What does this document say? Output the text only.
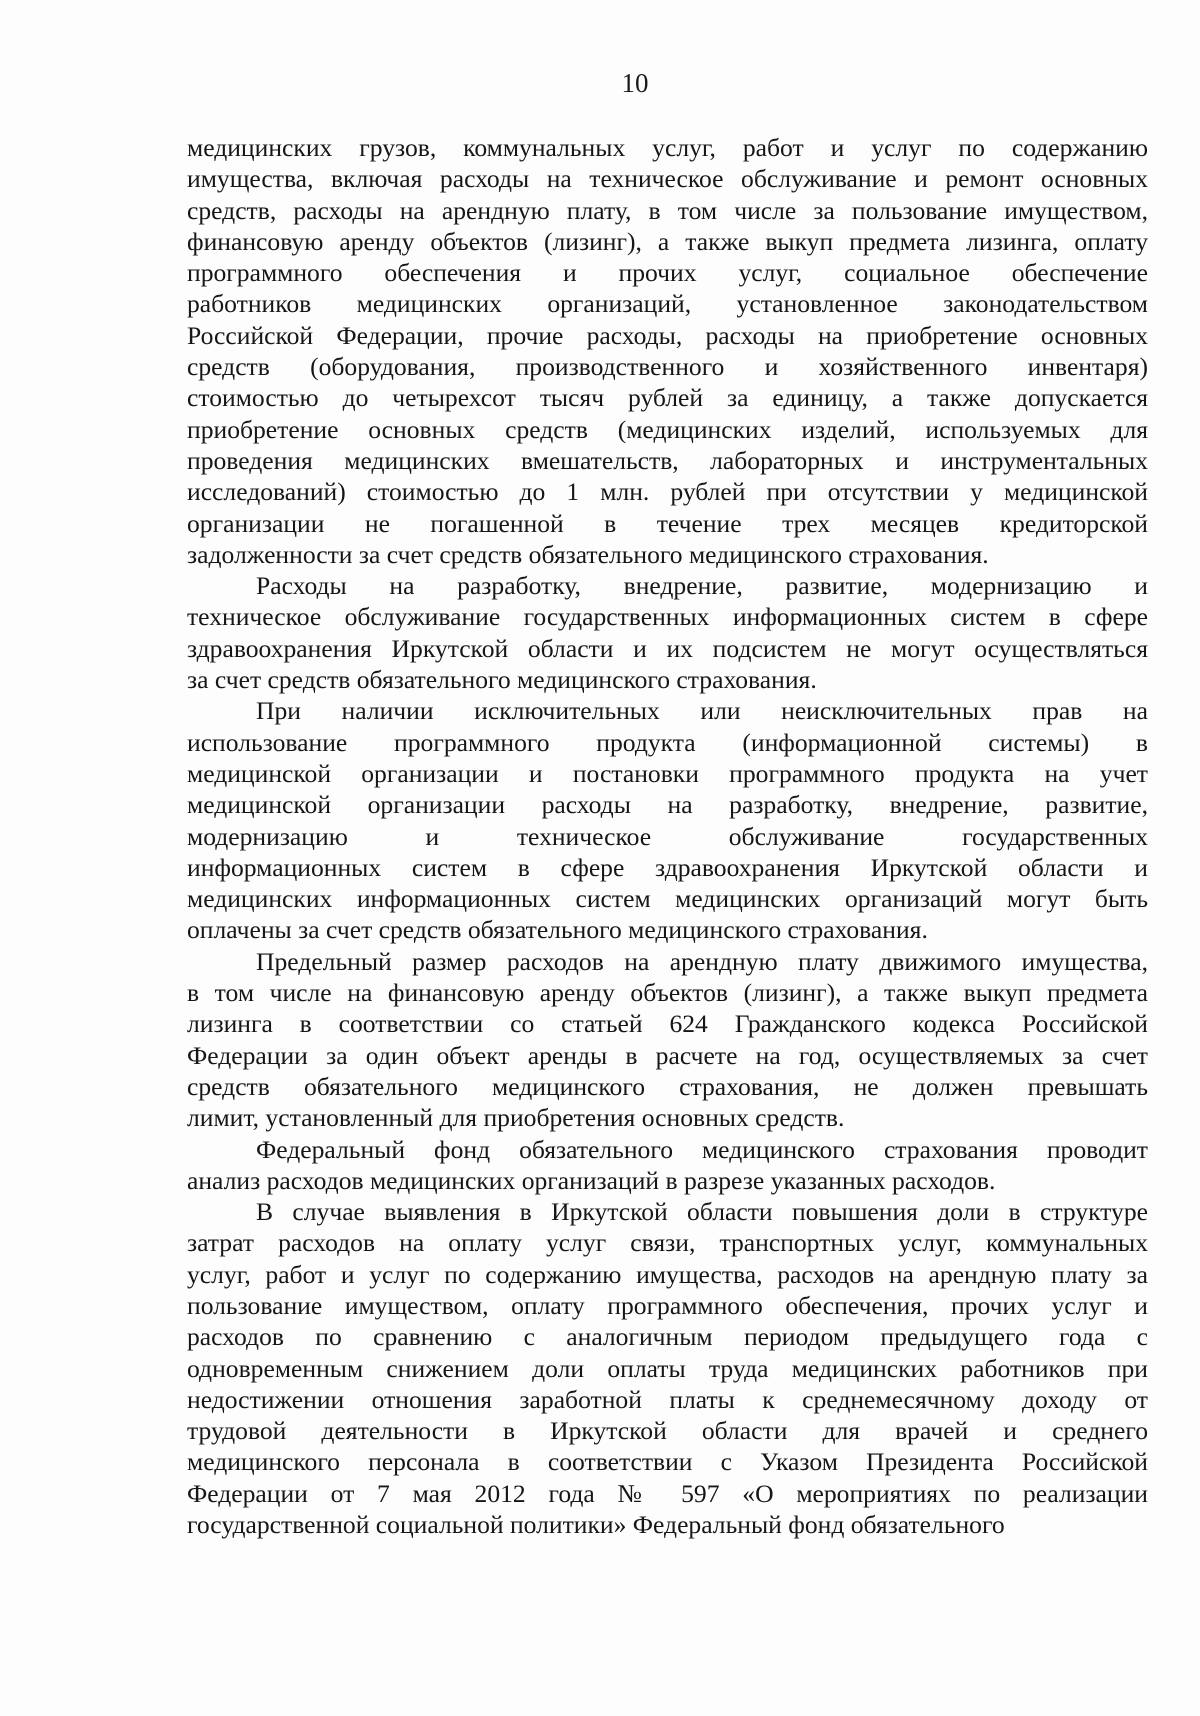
10
медицинских грузов, коммунальных услуг, работ и услуг по содержанию
имущества, включая расходы на техническое обслуживание и ремонт основных
средств, расходы на арендную плату, в том числе за пользование имуществом,
финансовую аренду объектов (лизинг), а также выкуп предмета лизинга, оплату
программного обеспечения и прочих услуг, социальное обеспечение
работников медицинских организаций, установленное законодательством
Российской Федерации, прочие расходы, расходы на приобретение основных
средств (оборудования, производственного и хозяйственного инвентаря)
стоимостью до четырехсот тысяч рублей за единицу, а также допускается
приобретение основных средств (медицинских изделий, используемых для
проведения медицинских вмешательств, лабораторных и инструментальных
исследований) стоимостью до 1 млн. рублей при отсутствии у медицинской
организации не погашенной в течение трех месяцев кредиторской
задолженности за счет средств обязательного медицинского страхования.
Расходы на разработку, внедрение, развитие, модернизацию и
техническое обслуживание государственных информационных систем в сфере
здравоохранения Иркутской области и их подсистем не могут осуществляться
за счет средств обязательного медицинского страхования.
При наличии исключительных или неисключительных прав на
использование программного продукта (информационной системы) в
медицинской организации и постановки программного продукта на учет
медицинской организации расходы на разработку, внедрение, развитие,
модернизацию и техническое обслуживание государственных
информационных систем в сфере здравоохранения Иркутской области и
медицинских информационных систем медицинских организаций могут быть
оплачены за счет средств обязательного медицинского страхования.
Предельный размер расходов на арендную плату движимого имущества,
в том числе на финансовую аренду объектов (лизинг), а также выкуп предмета
лизинга в соответствии со статьей 624 Гражданского кодекса Российской
Федерации за один объект аренды в расчете на год, осуществляемых за счет
средств обязательного медицинского страхования, не должен превышать
лимит, установленный для приобретения основных средств.
Федеральный фонд обязательного медицинского страхования проводит
анализ расходов медицинских организаций в разрезе указанных расходов.
В случае выявления в Иркутской области повышения доли в структуре
затрат расходов на оплату услуг связи, транспортных услуг, коммунальных
услуг, работ и услуг по содержанию имущества, расходов на арендную плату за
пользование имуществом, оплату программного обеспечения, прочих услуг и
расходов по сравнению с аналогичным периодом предыдущего года с
одновременным снижением доли оплаты труда медицинских работников при
недостижении отношения заработной платы к среднемесячному доходу от
трудовой деятельности в Иркутской области для врачей и среднего
медицинского персонала в соответствии с Указом Президента Российской
Федерации от 7 мая 2012 года № 597 «О мероприятиях по реализации
государственной социальной политики» Федеральный фонд обязательного
